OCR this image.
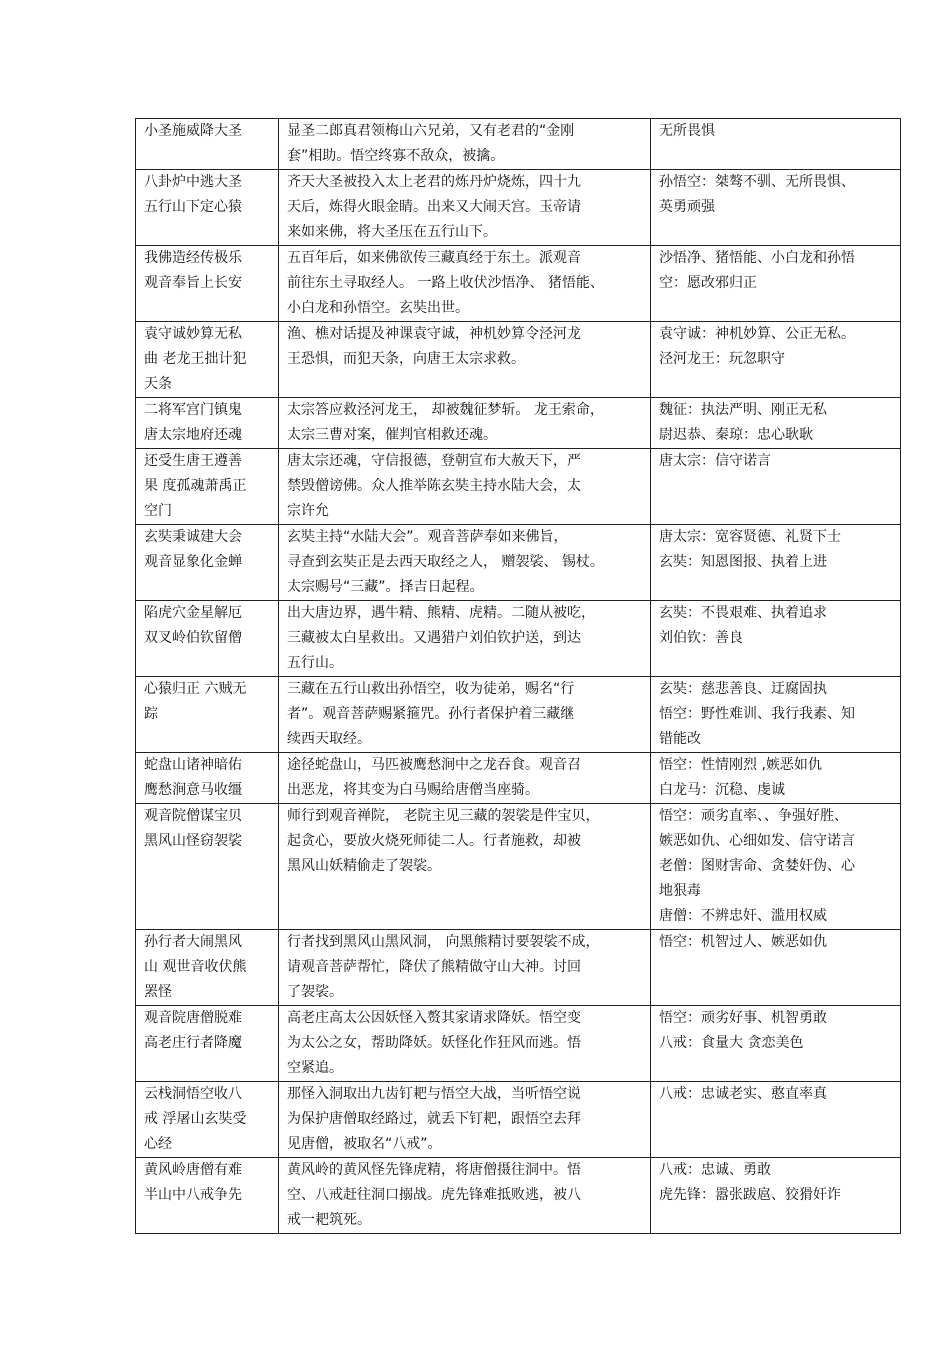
小圣施威降大圣	显圣二郎真君领梅山六兄弟，又有老君的“金刚
套”相助。悟空终寡不敌众，被擒。	无所畏惧

八卦炉中逃大圣
五行山下定心猿	齐天大圣被投入太上老君的炼丹炉烧炼，四十九
天后，炼得火眼金睛。出来又大闹天宫。玉帝请
来如来佛，将大圣压在五行山下。	孙悟空：桀骜不驯、无所畏惧、
英勇顽强

我佛造经传极乐
观音奉旨上长安	五百年后，如来佛欲传三藏真经于东土。派观音
前往东土寻取经人。 一路上收伏沙悟净、 猪悟能、
小白龙和孙悟空。玄奘出世。	沙悟净、猪悟能、小白龙和孙悟
空：愿改邪归正

袁守诚妙算无私
曲 老龙王拙计犯
天条	渔、樵对话提及神课袁守诚，神机妙算令泾河龙
王恐惧，而犯天条，向唐王太宗求救。	袁守诚：神机妙算、公正无私。
泾河龙王：玩忽职守

二将军宫门镇鬼
唐太宗地府还魂	太宗答应救泾河龙王， 却被魏征梦斩。 龙王索命，
太宗三曹对案，催判官相救还魂。	魏征：执法严明、刚正无私
尉迟恭、秦琼：忠心耿耿

还受生唐王遵善
果 度孤魂萧禹正
空门	唐太宗还魂，守信报德，登朝宣布大赦天下，严
禁毁僧谤佛。众人推举陈玄奘主持水陆大会，太
宗许允	唐太宗：信守诺言

玄奘秉诚建大会
观音显象化金蝉	玄奘主持“水陆大会”。观音菩萨奉如来佛旨，
寻查到玄奘正是去西天取经之人， 赠袈裟、 锡杖。
太宗赐号“三藏”。择吉日起程。	唐太宗：宽容贤德、礼贤下士
玄奘：知恩图报、执着上进

陷虎穴金星解厄
双叉岭伯钦留僧	出大唐边界，遇牛精、熊精、虎精。二随从被吃，
三藏被太白星救出。又遇猎户刘伯钦护送，到达
五行山。	玄奘：不畏艰难、执着追求
刘伯钦：善良

心猿归正 六贼无
踪	三藏在五行山救出孙悟空，收为徒弟，赐名“行
者”。观音菩萨赐紧箍咒。孙行者保护着三藏继
续西天取经。	玄奘：慈悲善良、迂腐固执
悟空：野性难训、我行我素、知
错能改

蛇盘山诸神暗佑
鹰愁涧意马收缰	途径蛇盘山，马匹被鹰愁涧中之龙吞食。观音召
出恶龙，将其变为白马赐给唐僧当座骑。	悟空：性情刚烈 ,嫉恶如仇
白龙马：沉稳、虔诚

观音院僧谋宝贝
黑风山怪窃袈裟	师行到观音禅院， 老院主见三藏的袈裟是件宝贝，
起贪心，要放火烧死师徒二人。行者施救，却被
黑风山妖精偷走了袈裟。	悟空：顽劣直率、、争强好胜、
嫉恶如仇、心细如发、信守诺言
老僧：图财害命、贪婪奸伪、心
地狠毒
唐僧：不辨忠奸、滥用权威

孙行者大闹黑风
山 观世音收伏熊
罴怪	行者找到黑风山黑风洞， 向黑熊精讨要袈裟不成，
请观音菩萨帮忙，降伏了熊精做守山大神。讨回
了袈裟。	悟空：机智过人、嫉恶如仇

观音院唐僧脱难
高老庄行者降魔	高老庄高太公因妖怪入赘其家请求降妖。悟空变
为太公之女，帮助降妖。妖怪化作狂风而逃。悟
空紧追。	悟空：顽劣好事、机智勇敢
八戒：食量大 贪恋美色

云栈洞悟空收八
戒 浮屠山玄奘受
心经	那怪入洞取出九齿钉耙与悟空大战，当听悟空说
为保护唐僧取经路过，就丢下钉耙，跟悟空去拜
见唐僧，被取名“八戒”。	八戒：忠诚老实、憨直率真

黄风岭唐僧有难
半山中八戒争先	黄风岭的黄风怪先锋虎精，将唐僧摄往洞中。悟
空、八戒赶往洞口搦战。虎先锋难抵败逃，被八
戒一耙筑死。	八戒：忠诚、勇敢
虎先锋：嚣张跋扈、狡猾奸诈
